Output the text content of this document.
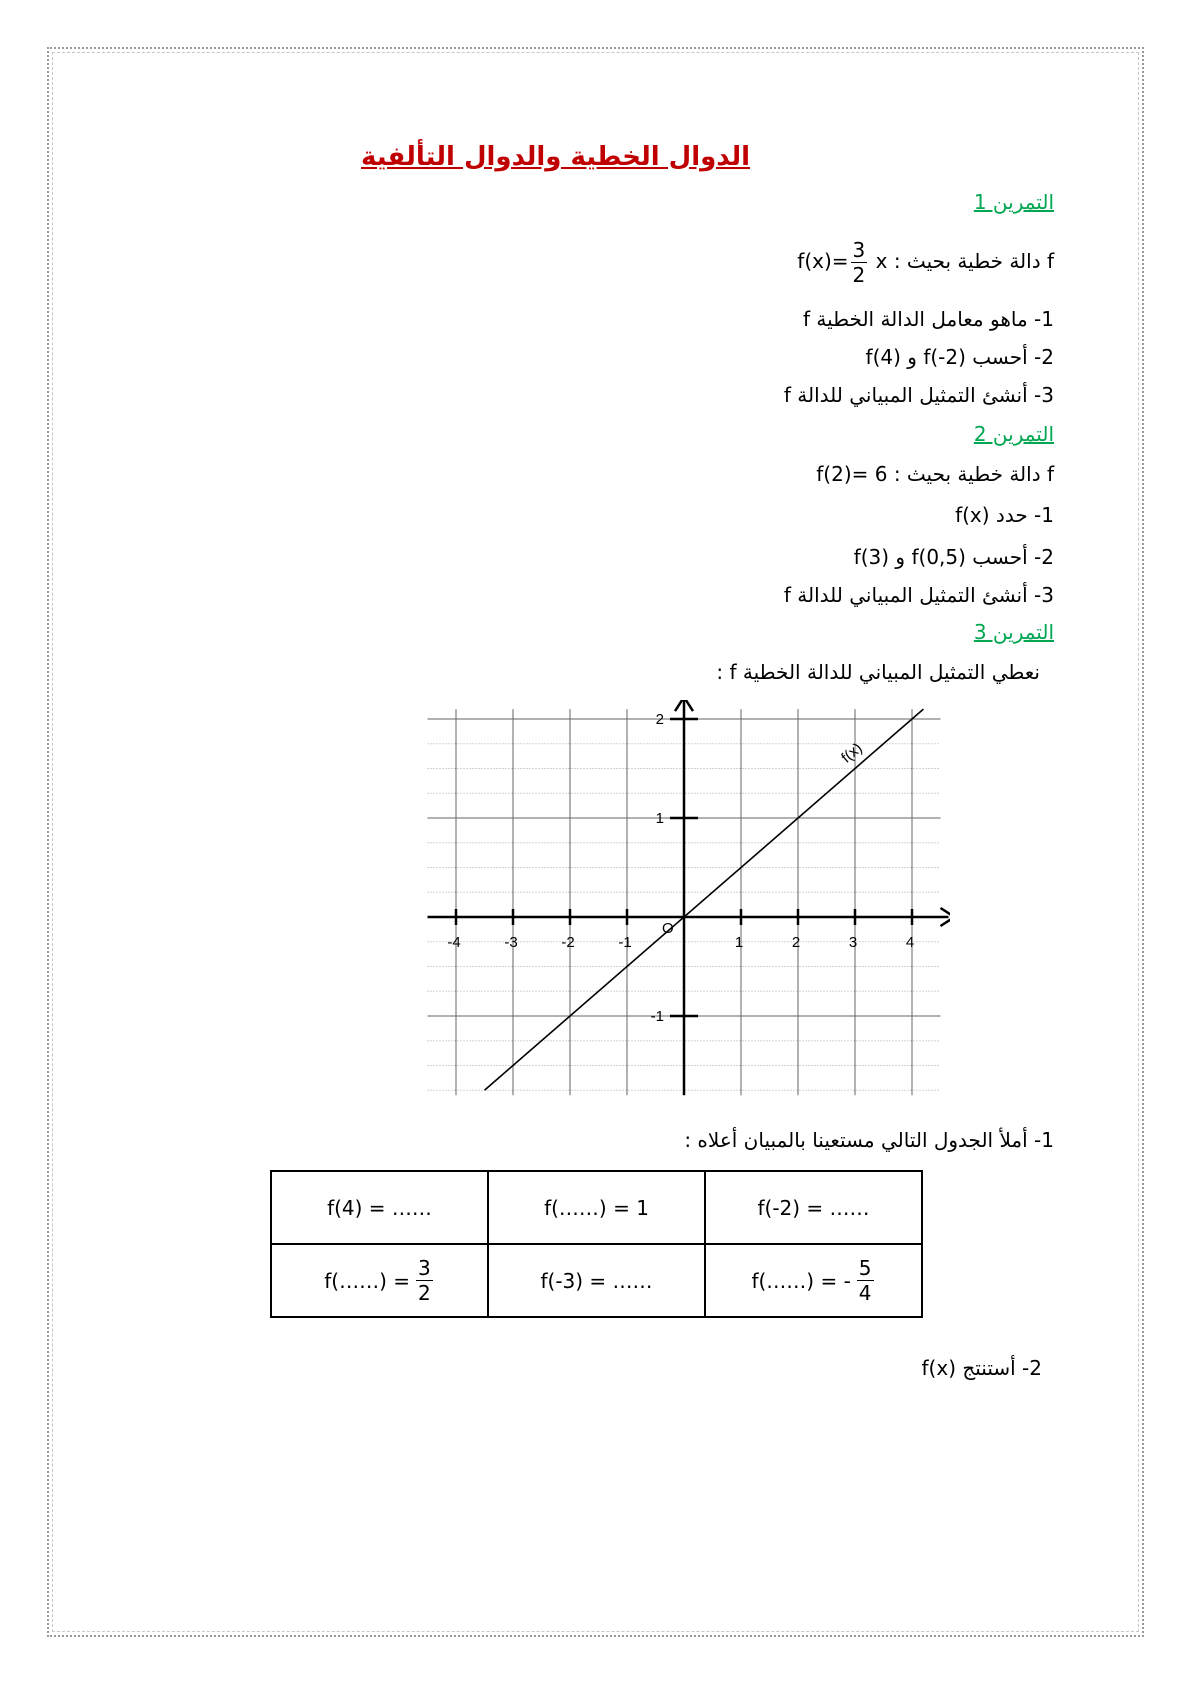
الدوال الخطية والدوال التألفية
التمرين 1
f دالة خطية بحيث : $f(x)= \frac{3}{2}$ x
1- ماهو معامل الدالة الخطية f
2- أحسب (2-)f و (4)f
3- أنشئ التمثيل المبياني للدالة f
التمرين 2
f دالة خطية بحيث : 6 =(2)f
1- حدد (f(x
2- أحسب (0,5)f و (3)f
3- أنشئ التمثيل المبياني للدالة f
التمرين 3
نعطي التمثيل المبياني للدالة الخطية f :
-4	-3	-2	-1	1	2	3	4
-1
1
2
O
f(x)
1- أملأ الجدول التالي مستعينا بالمبيان أعلاه :
f(-2) = ……	f(……) = 1	f(4) = ……

f(……) = - $\frac{5}{4}$	f(-3) = ……	f(……) = $\frac{3}{2}$
2- أستنتج (f(x
